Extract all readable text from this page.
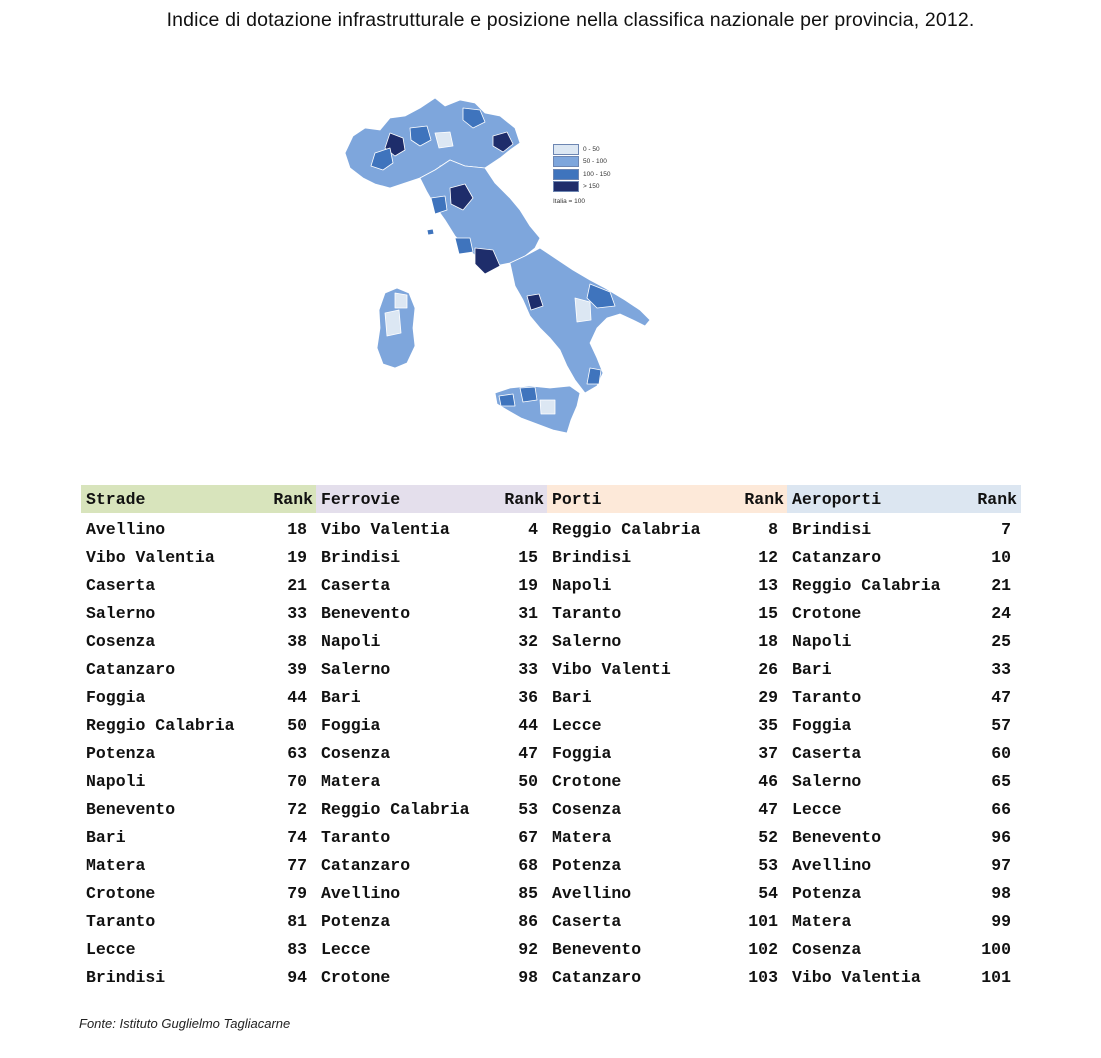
Indice di dotazione infrastrutturale e posizione nella classifica nazionale per provincia, 2012.
0 - 50
50 - 100
100 - 150
> 150
Italia = 100
Strade	Rank
Avellino	18
Vibo Valentia	19
Caserta	21
Salerno	33
Cosenza	38
Catanzaro	39
Foggia	44
Reggio Calabria	50
Potenza	63
Napoli	70
Benevento	72
Bari	74
Matera	77
Crotone	79
Taranto	81
Lecce	83
Brindisi	94
Ferrovie	Rank
Vibo Valentia	4
Brindisi	15
Caserta	19
Benevento	31
Napoli	32
Salerno	33
Bari	36
Foggia	44
Cosenza	47
Matera	50
Reggio Calabria	53
Taranto	67
Catanzaro	68
Avellino	85
Potenza	86
Lecce	92
Crotone	98
Porti	Rank
Reggio Calabria	8
Brindisi	12
Napoli	13
Taranto	15
Salerno	18
Vibo Valenti	26
Bari	29
Lecce	35
Foggia	37
Crotone	46
Cosenza	47
Matera	52
Potenza	53
Avellino	54
Caserta	101
Benevento	102
Catanzaro	103
Aeroporti	Rank
Brindisi	7
Catanzaro	10
Reggio Calabria	21
Crotone	24
Napoli	25
Bari	33
Taranto	47
Foggia	57
Caserta	60
Salerno	65
Lecce	66
Benevento	96
Avellino	97
Potenza	98
Matera	99
Cosenza	100
Vibo Valentia	101
Fonte: Istituto Guglielmo Tagliacarne
